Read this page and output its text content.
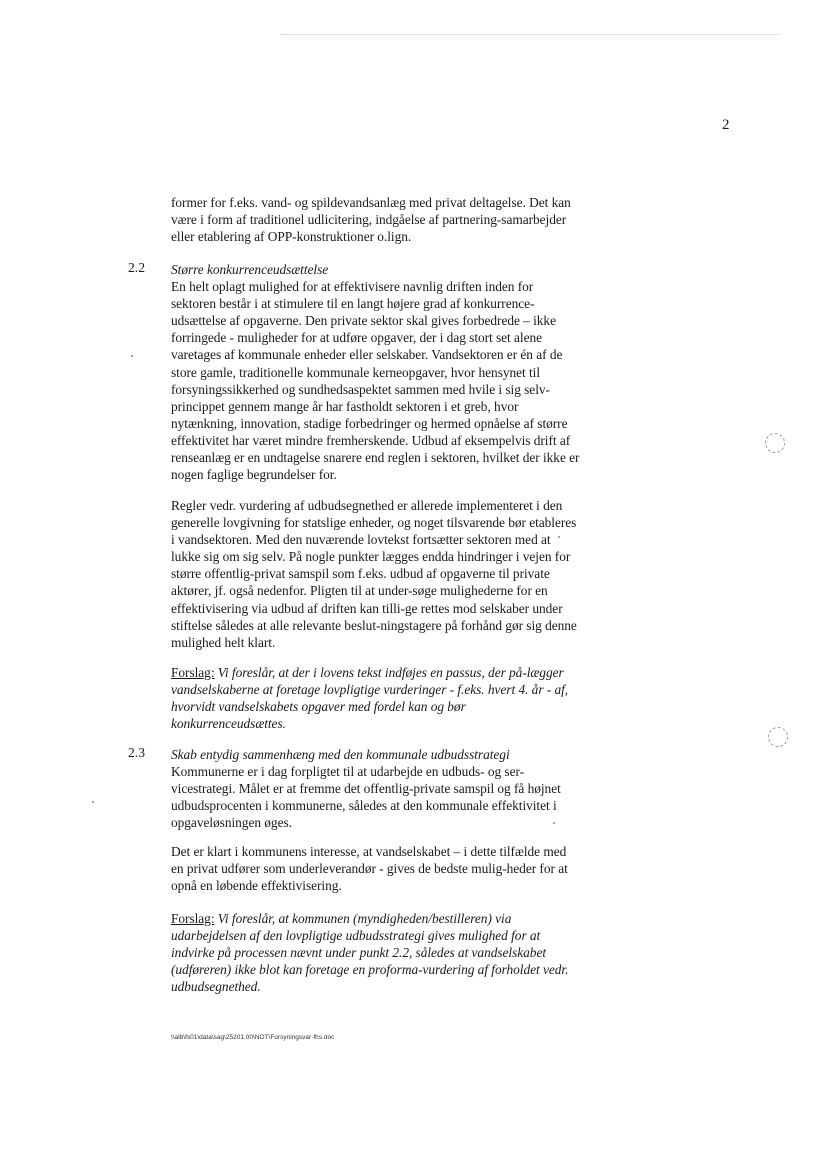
2

former for f.eks. vand- og spildevandsanlæg med privat deltagelse. Det kan være i form af traditionel udlicitering, indgåelse af partnering-samarbejder eller etablering af OPP-konstruktioner o.lign.

2.2 Større konkurrenceudsættelse

En helt oplagt mulighed for at effektivisere navnlig driften inden for sektoren består i at stimulere til en langt højere grad af konkurrence-udsættelse af opgaverne. Den private sektor skal gives forbedrede – ikke forringede - muligheder for at udføre opgaver, der i dag stort set alene varetages af kommunale enheder eller selskaber. Vandsektoren er én af de store gamle, traditionelle kommunale kerneopgaver, hvor hensynet til forsyningssikkerhed og sundhedsaspektet sammen med hvile i sig selv-princippet gennem mange år har fastholdt sektoren i et greb, hvor nytænkning, innovation, stadige forbedringer og hermed opnåelse af større effektivitet har været mindre fremherskende. Udbud af eksempelvis drift af renseanlæg er en undtagelse snarere end reglen i sektoren, hvilket der ikke er nogen faglige begrundelser for.

Regler vedr. vurdering af udbudsegnethed er allerede implementeret i den generelle lovgivning for statslige enheder, og noget tilsvarende bør etableres i vandsektoren. Med den nuværende lovtekst fortsætter sektoren med at lukke sig om sig selv. På nogle punkter lægges endda hindringer i vejen for større offentlig-privat samspil som f.eks. udbud af opgaverne til private aktører, jf. også nedenfor. Pligten til at under-søge mulighederne for en effektivisering via udbud af driften kan tilli-ge rettes mod selskaber under stiftelse således at alle relevante beslut-ningstagere på forhånd gør sig denne mulighed helt klart.

Forslag: Vi foreslår, at der i lovens tekst indføjes en passus, der på-lægger vandselskaberne at foretage lovpligtige vurderinger - f.eks. hvert 4. år - af, hvorvidt vandselskabets opgaver med fordel kan og bør konkurrenceudsættes.

2.3 Skab entydig sammenhæng med den kommunale udbudsstrategi

Kommunerne er i dag forpligtet til at udarbejde en udbuds- og ser-vicestrategi. Målet er at fremme det offentlig-private samspil og få højnet udbudsprocenten i kommunerne, således at den kommunale effektivitet i opgaveløsningen øges.

Det er klart i kommunens interesse, at vandselskabet – i dette tilfælde med en privat udfører som underleverandør - gives de bedste mulig-heder for at opnå en løbende effektivisering.

Forslag: Vi foreslår, at kommunen (myndigheden/bestilleren) via udarbejdelsen af den lovpligtige udbudsstrategi gives mulighed for at indvirke på processen nævnt under punkt 2.2, således at vandselskabet (udføreren) ikke blot kan foretage en proforma-vurdering af forholdet vedr. udbudsegnethed.

\\alb\fs01\data\sag\25201.00\NOT\Forsyningsvar-fhs.doc
